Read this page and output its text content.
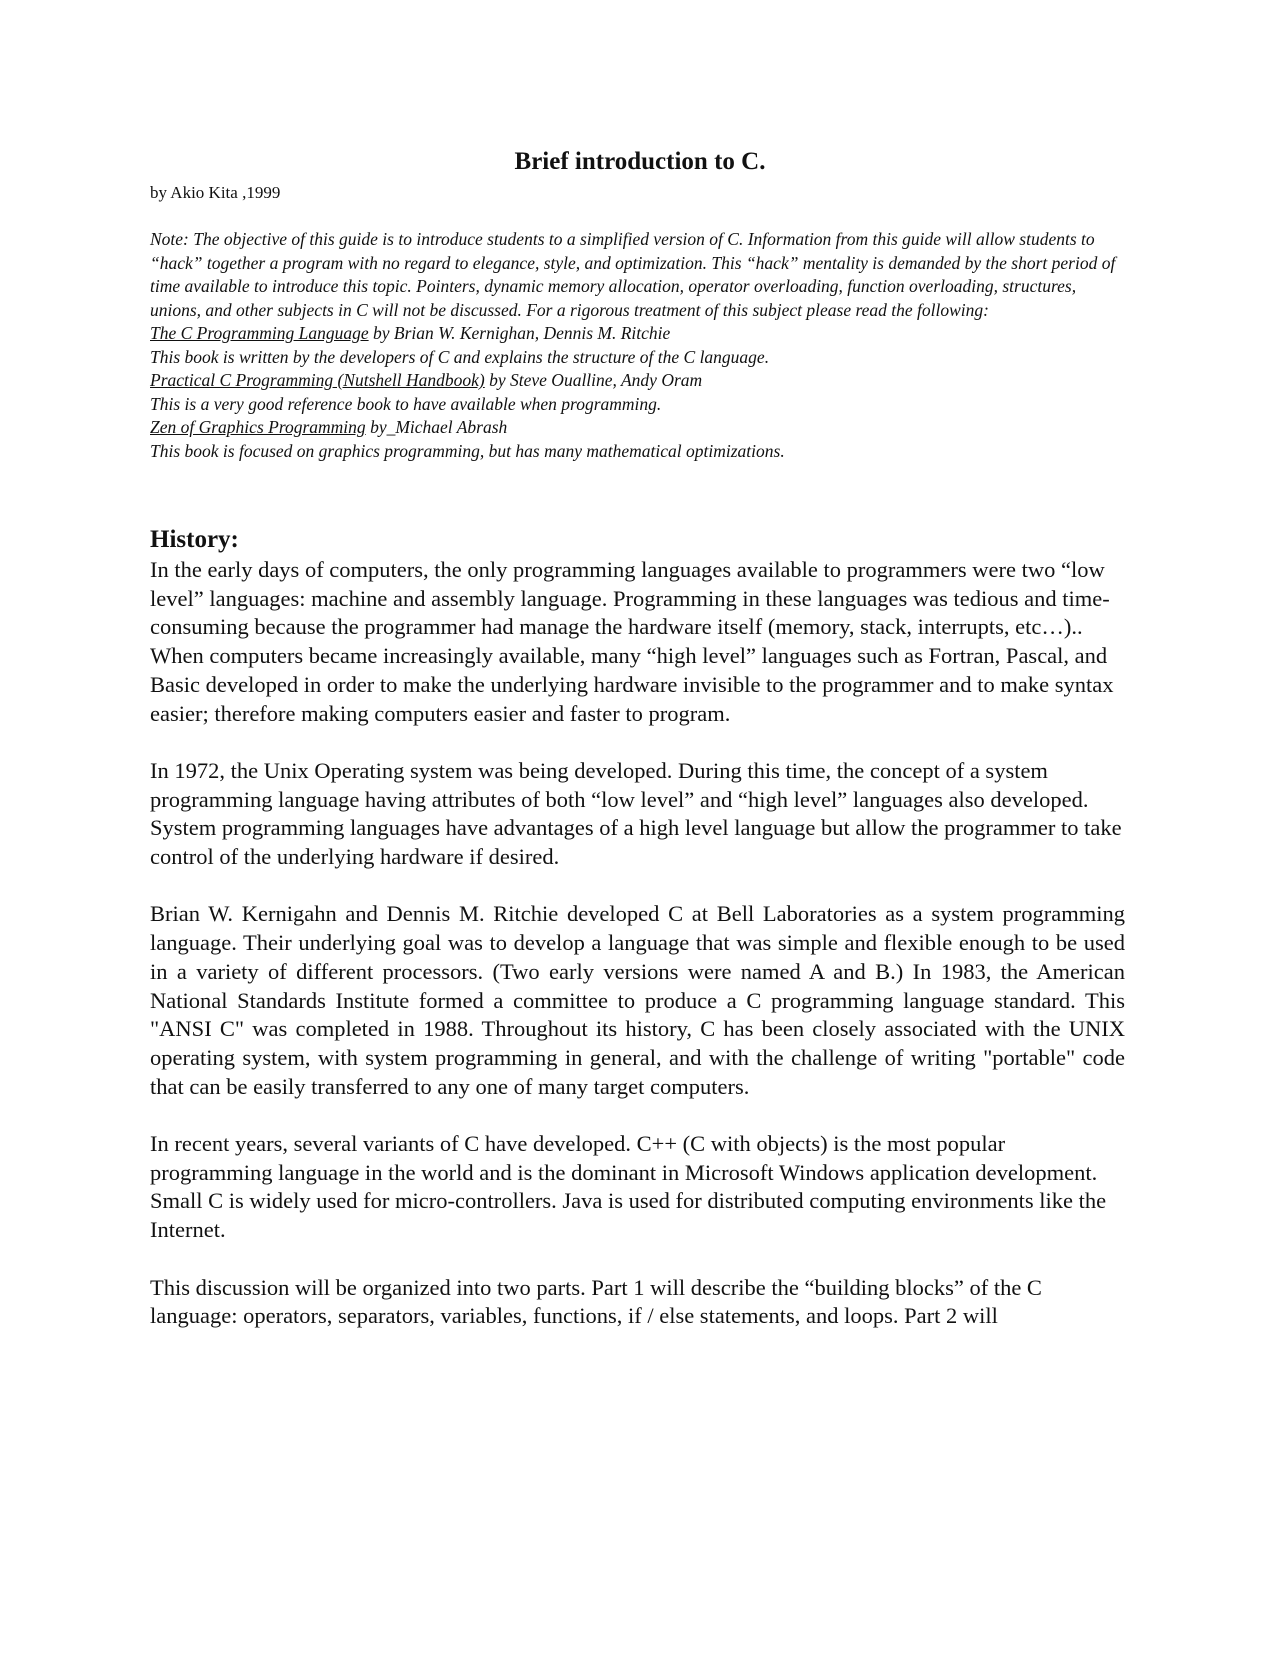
Brief introduction to C.

by Akio Kita ,1999

Note: The objective of this guide is to introduce students to a simplified version of C. Information from this guide will allow students to “hack” together a program with no regard to elegance, style, and optimization. This “hack” mentality is demanded by the short period of time available to introduce this topic. Pointers, dynamic memory allocation, operator overloading, function overloading, structures, unions, and other subjects in C will not be discussed. For a rigorous treatment of this subject please read the following:

The C Programming Language by Brian W. Kernighan, Dennis M. Ritchie

This book is written by the developers of C and explains the structure of the C language.

Practical C Programming (Nutshell Handbook) by Steve Oualline, Andy Oram

This is a very good reference book to have available when programming.

Zen of Graphics Programming by_Michael Abrash

This book is focused on graphics programming, but has many mathematical optimizations.

History:

In the early days of computers, the only programming languages available to programmers were two “low level” languages: machine and assembly language. Programming in these languages was tedious and time-consuming because the programmer had manage the hardware itself (memory, stack, interrupts, etc…).. When computers became increasingly available, many “high level” languages such as Fortran, Pascal, and Basic developed in order to make the underlying hardware invisible to the programmer and to make syntax easier; therefore making computers easier and faster to program.

In 1972, the Unix Operating system was being developed. During this time, the concept of a system programming language having attributes of both “low level” and “high level” languages also developed. System programming languages have advantages of a high level language but allow the programmer to take control of the underlying hardware if desired.

Brian W. Kernigahn and Dennis M. Ritchie developed C at Bell Laboratories as a system programming language. Their underlying goal was to develop a language that was simple and flexible enough to be used in a variety of different processors. (Two early versions were named A and B.) In 1983, the American National Standards Institute formed a committee to produce a C programming language standard. This "ANSI C" was completed in 1988. Throughout its history, C has been closely associated with the UNIX operating system, with system programming in general, and with the challenge of writing "portable" code that can be easily transferred to any one of many target computers.

In recent years, several variants of C have developed. C++ (C with objects) is the most popular programming language in the world and is the dominant in Microsoft Windows application development. Small C is widely used for micro-controllers. Java is used for distributed computing environments like the Internet.

This discussion will be organized into two parts. Part 1 will describe the “building blocks” of the C language: operators, separators, variables, functions, if / else statements, and loops. Part 2 will
